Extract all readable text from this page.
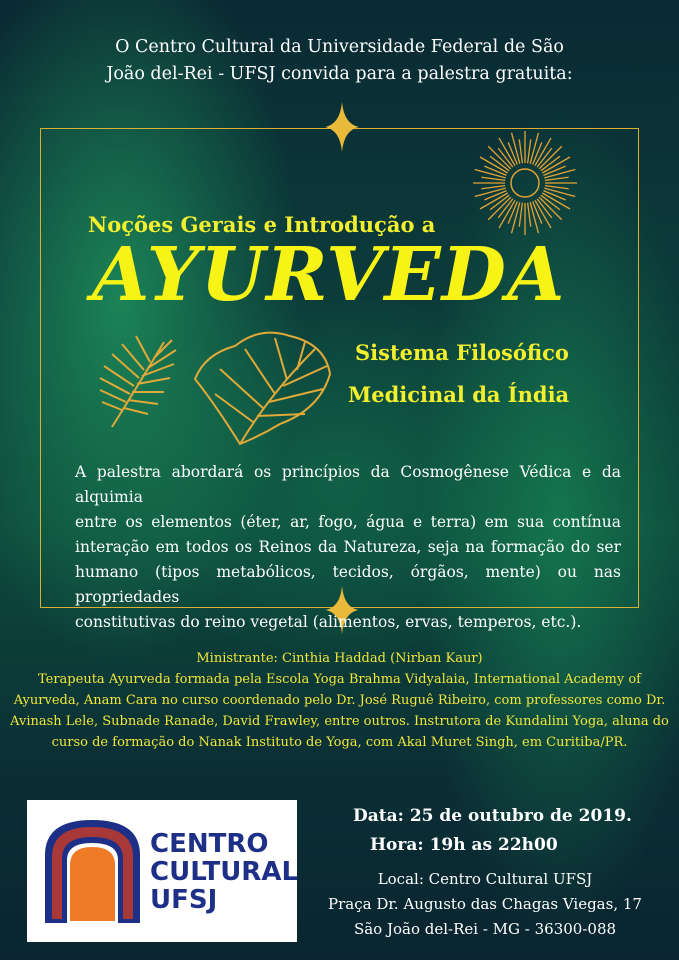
O Centro Cultural da Universidade Federal de São
João del-Rei - UFSJ convida para a palestra gratuita:
Noções Gerais e Introdução a
AYURVEDA
Sistema Filosófico
Medicinal da Índia
A palestra abordará os princípios da Cosmogênese Védica e da alquimia
entre os elementos (éter, ar, fogo, água e terra) em sua contínua
interação em todos os Reinos da Natureza, seja na formação do ser
humano (tipos metabólicos, tecidos, órgãos, mente) ou nas propriedades
constitutivas do reino vegetal (alimentos, ervas, temperos, etc.).
Ministrante: Cinthia Haddad (Nirban Kaur)
Terapeuta Ayurveda formada pela Escola Yoga Brahma Vidyalaia, International Academy of
Ayurveda, Anam Cara no curso coordenado pelo Dr. José Ruguê Ribeiro, com professores como Dr.
Avinash Lele, Subnade Ranade, David Frawley, entre outros. Instrutora de Kundalini Yoga, aluna do
curso de formação do Nanak Instituto de Yoga, com Akal Muret Singh, em Curitiba/PR.
CENTRO
CULTURAL
UFSJ
Data: 25 de outubro de 2019.
Hora: 19h as 22h00
Local: Centro Cultural UFSJ
Praça Dr. Augusto das Chagas Viegas, 17
São João del-Rei - MG - 36300-088
